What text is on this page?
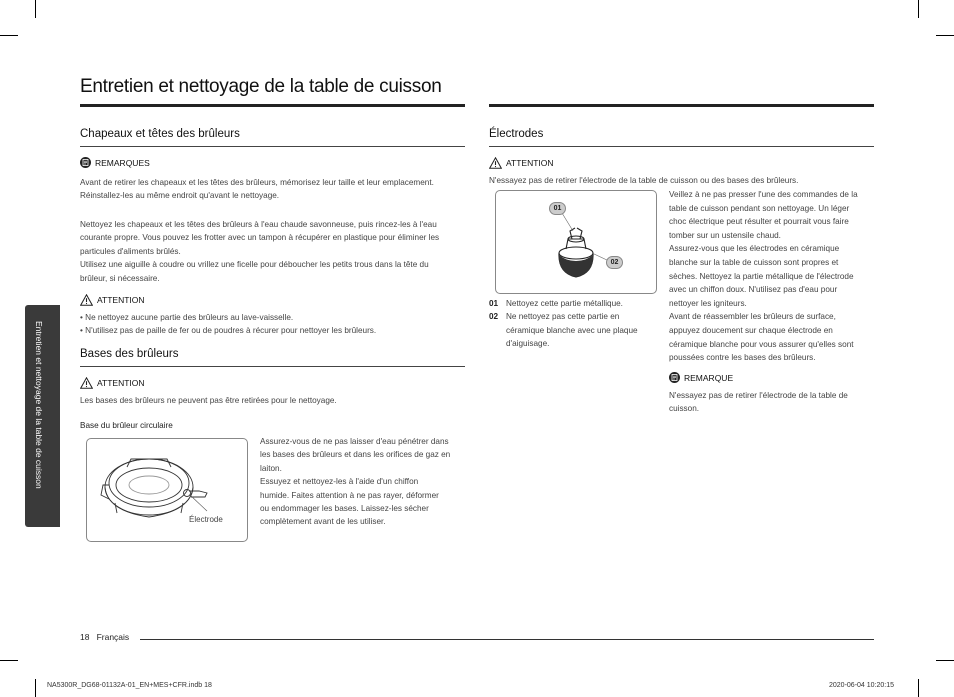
Entretien et nettoyage de la table de cuisson
Entretien et nettoyage de la table de cuisson
Chapeaux et têtes des brûleurs
REMARQUES
Avant de retirer les chapeaux et les têtes des brûleurs, mémorisez leur taille et leur emplacement.
Réinstallez-les au même endroit qu'avant le nettoyage.
Nettoyez les chapeaux et les têtes des brûleurs à l'eau chaude savonneuse, puis rincez-les à l'eau
courante propre. Vous pouvez les frotter avec un tampon à récupérer en plastique pour éliminer les
particules d'aliments brûlés.
Utilisez une aiguille à coudre ou vrillez une ficelle pour déboucher les petits trous dans la tête du
brûleur, si nécessaire.
ATTENTION
• Ne nettoyez aucune partie des brûleurs au lave-vaisselle.
• N'utilisez pas de paille de fer ou de poudres à récurer pour nettoyer les brûleurs.
Bases des brûleurs
ATTENTION
Les bases des brûleurs ne peuvent pas être retirées pour le nettoyage.
Base du brûleur circulaire
Électrode
Assurez-vous de ne pas laisser d'eau pénétrer dans
les bases des brûleurs et dans les orifices de gaz en
laiton.
Essuyez et nettoyez-les à l'aide d'un chiffon
humide. Faites attention à ne pas rayer, déformer
ou endommager les bases. Laissez-les sécher
complètement avant de les utiliser.
Électrodes
ATTENTION
N'essayez pas de retirer l'électrode de la table de cuisson ou des bases des brûleurs.
01
02
01 Nettoyez cette partie métallique.
02 Ne nettoyez pas cette partie en
céramique blanche avec une plaque
d'aiguisage.
Veillez à ne pas presser l'une des commandes de la
table de cuisson pendant son nettoyage. Un léger
choc électrique peut résulter et pourrait vous faire
tomber sur un ustensile chaud.
Assurez-vous que les électrodes en céramique
blanche sur la table de cuisson sont propres et
sèches. Nettoyez la partie métallique de l'électrode
avec un chiffon doux. N'utilisez pas d'eau pour
nettoyer les igniteurs.
Avant de réassembler les brûleurs de surface,
appuyez doucement sur chaque électrode en
céramique blanche pour vous assurer qu'elles sont
poussées contre les bases des brûleurs.
REMARQUE
N'essayez pas de retirer l'électrode de la table de
cuisson.
18 Français
NA5300R_DG68-01132A-01_EN+MES+CFR.indb 18	2020-06-04 10:20:15
